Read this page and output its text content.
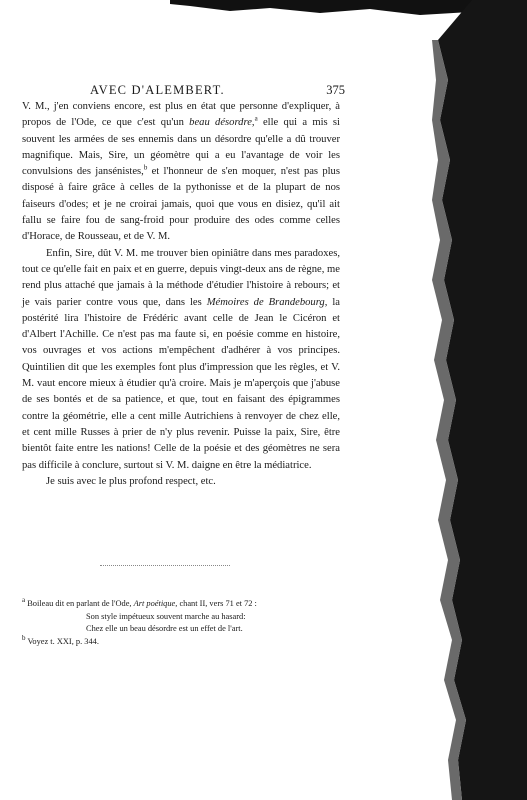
AVEC D'ALEMBERT.	375

V. M., j'en conviens encore, est plus en état que personne d'expliquer, à propos de l'Ode, ce que c'est qu'un beau désordre,$^a$ elle qui a mis si souvent les armées de ses ennemis dans un désordre qu'elle a dû trouver magnifique. Mais, Sire, un géomètre qui a eu l'avantage de voir les convulsions des jansénistes,$^b$ et l'honneur de s'en moquer, n'est pas plus disposé à faire grâce à celles de la pythonisse et de la plupart de nos faiseurs d'odes; et je ne croirai jamais, quoi que vous en disiez, qu'il ait fallu se faire fou de sang-froid pour produire des odes comme celles d'Horace, de Rousseau, et de V. M.

Enfin, Sire, dût V. M. me trouver bien opiniâtre dans mes paradoxes, tout ce qu'elle fait en paix et en guerre, depuis vingt-deux ans de règne, me rend plus attaché que jamais à la méthode d'étudier l'histoire à rebours; et je vais parier contre vous que, dans les Mémoires de Brandebourg, la postérité lira l'histoire de Frédéric avant celle de Jean le Cicéron et d'Albert l'Achille. Ce n'est pas ma faute si, en poésie comme en histoire, vos ouvrages et vos actions m'empêchent d'adhérer à vos principes. Quintilien dit que les exemples font plus d'impression que les règles, et V. M. vaut encore mieux à étudier qu'à croire. Mais je m'aperçois que j'abuse de ses bontés et de sa patience, et que, tout en faisant des épigrammes contre la géométrie, elle a cent mille Autrichiens à renvoyer de chez elle, et cent mille Russes à prier de n'y plus revenir. Puisse la paix, Sire, être bientôt faite entre les nations! Celle de la poésie et des géomètres ne sera pas difficile à conclure, surtout si V. M. daigne en être la médiatrice.

Je suis avec le plus profond respect, etc.

$^a$ Boileau dit en parlant de l'Ode, Art poétique, chant II, vers 71 et 72 :

Son style impétueux souvent marche au hasard:

Chez elle un beau désordre est un effet de l'art.

$^b$ Voyez t. XXI, p. 344.
